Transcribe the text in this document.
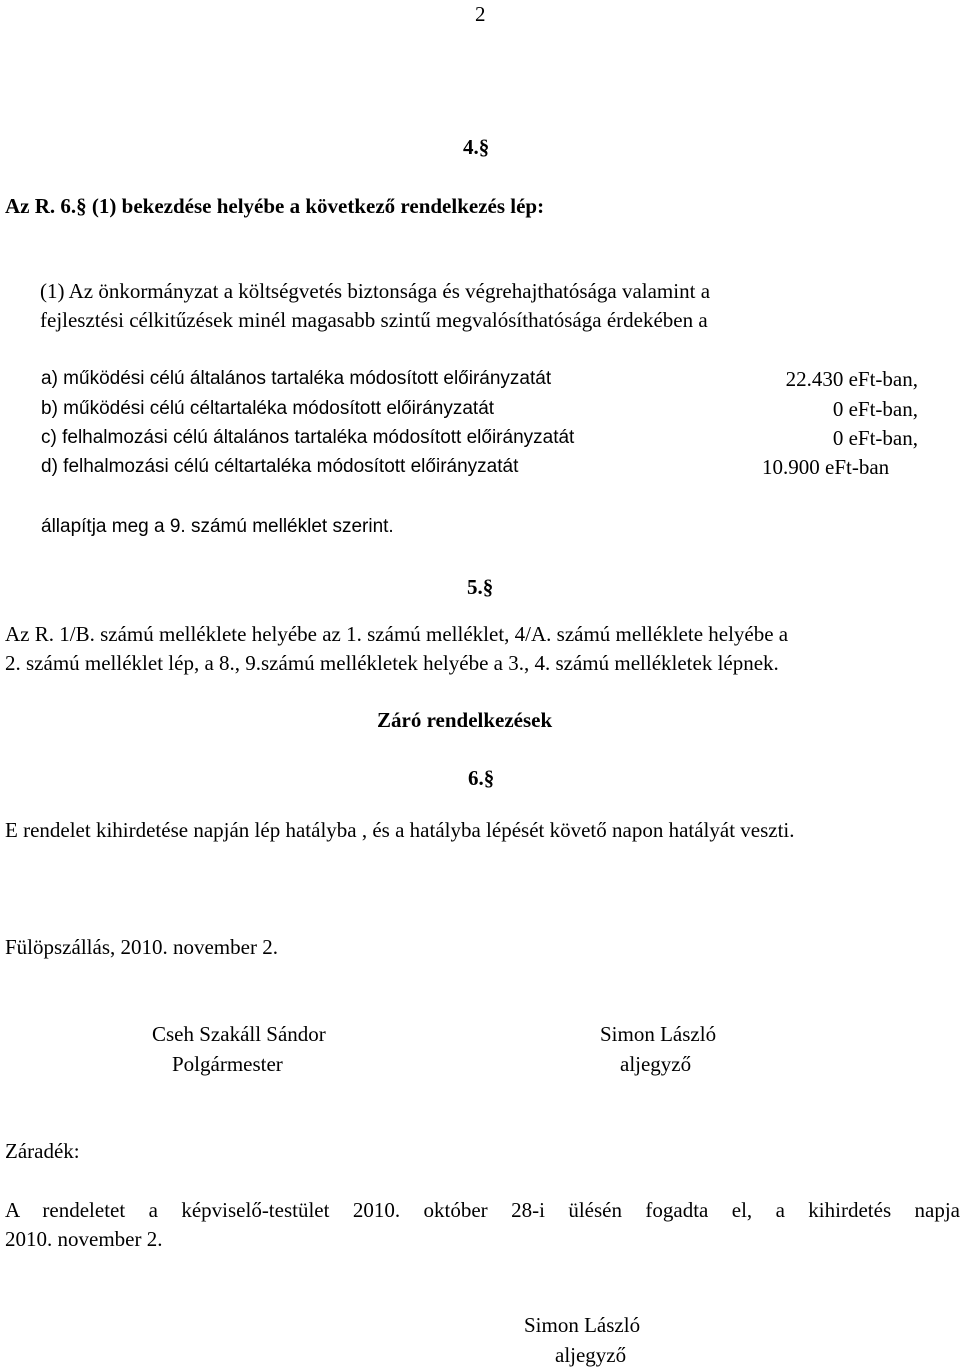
2
4.§
Az R. 6.§ (1) bekezdése helyébe a következő rendelkezés lép:
(1) Az önkormányzat a költségvetés biztonsága és végrehajthatósága valamint a
fejlesztési célkitűzések minél magasabb szintű megvalósíthatósága érdekében a
a) működési célú általános tartaléka módosított előirányzatát	22.430 eFt-ban,
b) működési célú céltartaléka módosított előirányzatát	0 eFt-ban,
c) felhalmozási célú általános tartaléka módosított előirányzatát	0 eFt-ban,
d) felhalmozási célú céltartaléka módosított előirányzatát	10.900 eFt-ban
állapítja meg a 9. számú melléklet szerint.
5.§
Az R. 1/B. számú melléklete helyébe az 1. számú melléklet, 4/A. számú melléklete helyébe a
2. számú melléklet lép, a 8., 9.számú mellékletek helyébe a 3., 4. számú mellékletek lépnek.
Záró rendelkezések
6.§
E rendelet kihirdetése napján lép hatályba , és a hatályba lépését követő napon hatályát veszti.
Fülöpszállás, 2010. november 2.
Cseh Szakáll Sándor
Polgármester
Simon László
aljegyző
Záradék:
A rendeletet a képviselő-testület 2010. október 28-i ülésén fogadta el, a kihirdetés napja
2010. november 2.
Simon László
aljegyző
